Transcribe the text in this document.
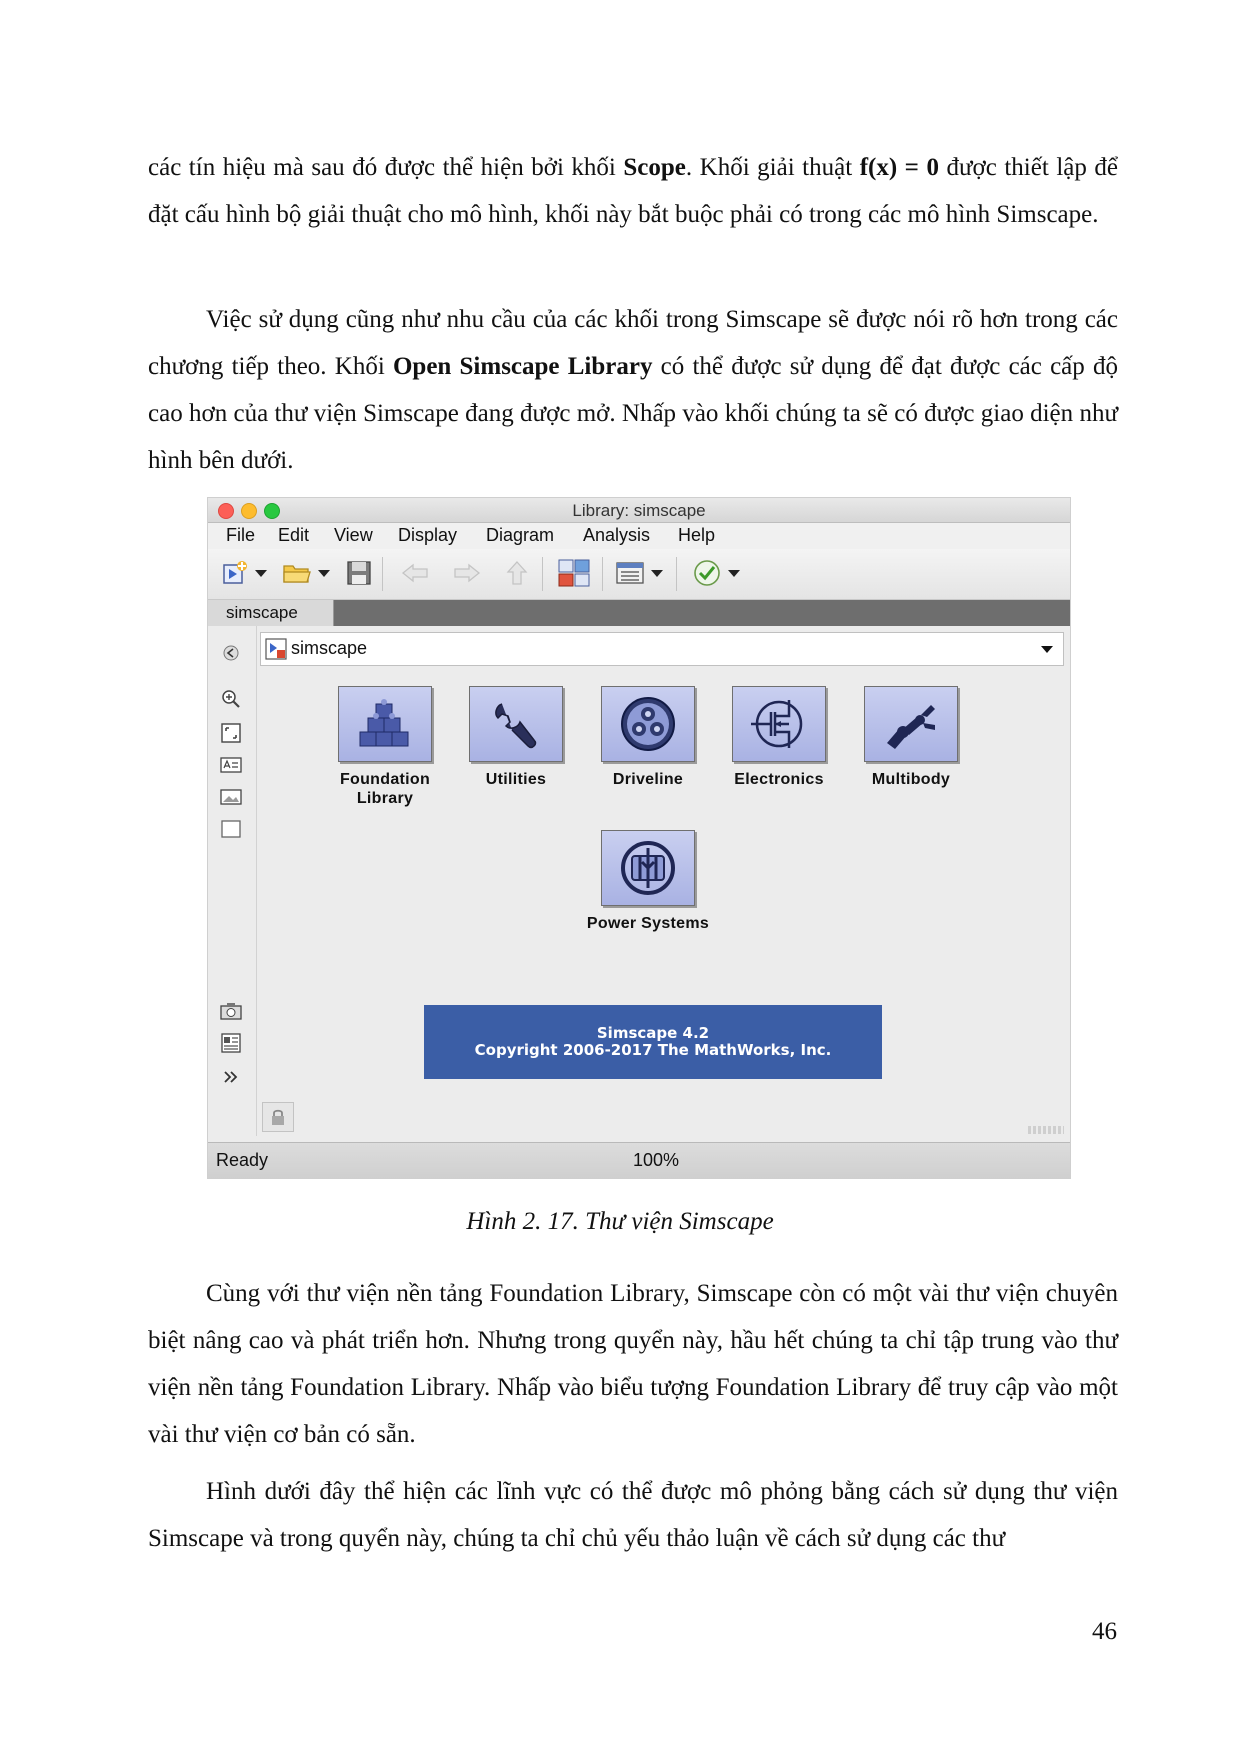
các tín hiệu mà sau đó được thể hiện bởi khối Scope. Khối giải thuật f(x) = 0 được thiết lập để đặt cấu hình bộ giải thuật cho mô hình, khối này bắt buộc phải có trong các mô hình Simscape.

Việc sử dụng cũng như nhu cầu của các khối trong Simscape sẽ được nói rõ hơn trong các chương tiếp theo. Khối Open Simscape Library có thể được sử dụng để đạt được các cấp độ cao hơn của thư viện Simscape đang được mở. Nhấp vào khối chúng ta sẽ có được giao diện như hình bên dưới.

Library: simscape
File Edit View Display Diagram Analysis Help
simscape
simscape
Foundation Library
Utilities	Driveline	Electronics	Multibody
Power Systems
Ready	100%
Simscape 4.2
Copyright 2006-2017 The MathWorks, Inc.
Hình 2. 17. Thư viện Simscape

Cùng với thư viện nền tảng Foundation Library, Simscape còn có một vài thư viện chuyên biệt nâng cao và phát triển hơn. Nhưng trong quyển này, hầu hết chúng ta chỉ tập trung vào thư viện nền tảng Foundation Library. Nhấp vào biểu tượng Foundation Library để truy cập vào một vài thư viện cơ bản có sẵn.

Hình dưới đây thể hiện các lĩnh vực có thể được mô phỏng bằng cách sử dụng thư viện Simscape và trong quyển này, chúng ta chỉ chủ yếu thảo luận về cách sử dụng các thư

46
